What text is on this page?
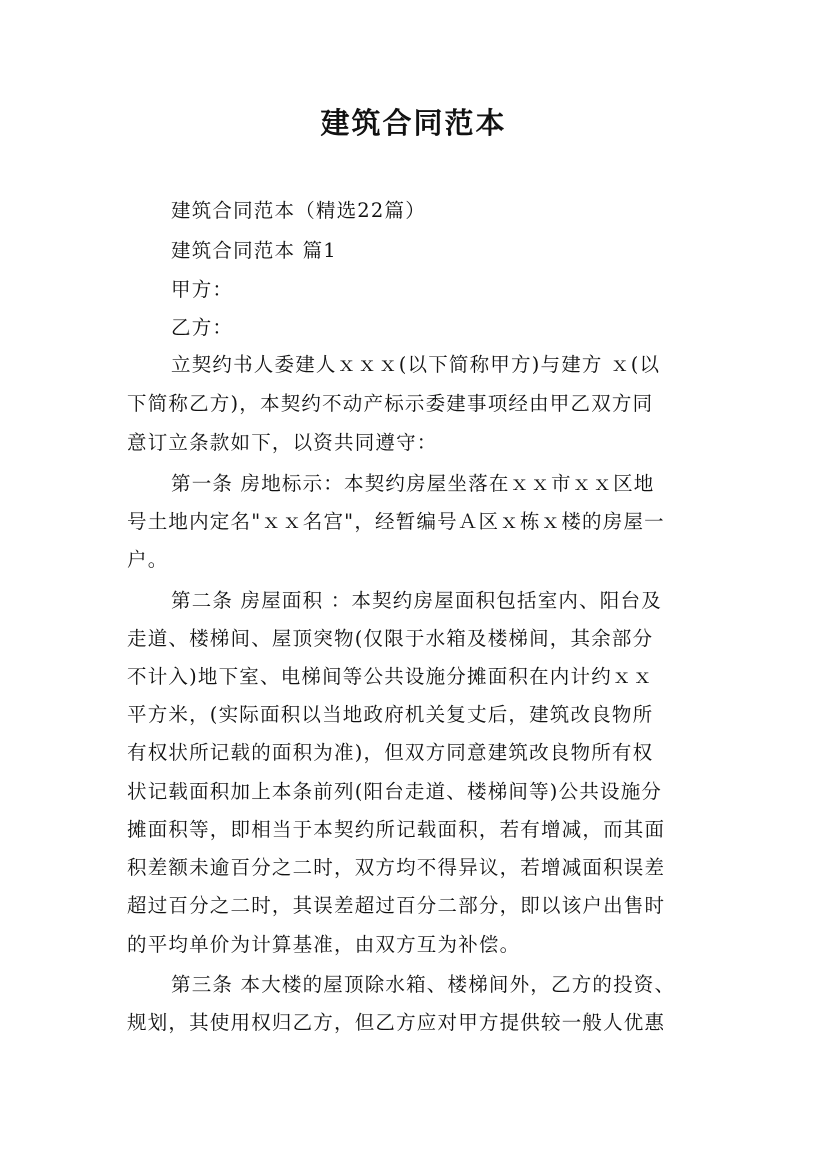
建筑合同范本
建筑合同范本（精选22篇）
建筑合同范本 篇1
甲方：
乙方：
立契约书人委建人ｘｘｘ(以下简称甲方)与建方 ｘ(以
下简称乙方)，本契约不动产标示委建事项经由甲乙双方同
意订立条款如下，以资共同遵守：
第一条 房地标示：本契约房屋坐落在ｘｘ市ｘｘ区地
号土地内定名"ｘｘ名宫"，经暂编号Ａ区ｘ栋ｘ楼的房屋一
户。
第二条 房屋面积 ：本契约房屋面积包括室内、阳台及
走道、楼梯间、屋顶突物(仅限于水箱及楼梯间，其余部分
不计入)地下室、电梯间等公共设施分摊面积在内计约ｘｘ
平方米，(实际面积以当地政府机关复丈后，建筑改良物所
有权状所记载的面积为准)，但双方同意建筑改良物所有权
状记载面积加上本条前列(阳台走道、楼梯间等)公共设施分
摊面积等，即相当于本契约所记载面积，若有增减，而其面
积差额未逾百分之二时，双方均不得异议，若增减面积误差
超过百分之二时，其误差超过百分二部分，即以该户出售时
的平均单价为计算基准，由双方互为补偿。
第三条 本大楼的屋顶除水箱、楼梯间外，乙方的投资、
规划，其使用权归乙方，但乙方应对甲方提供较一般人优惠
